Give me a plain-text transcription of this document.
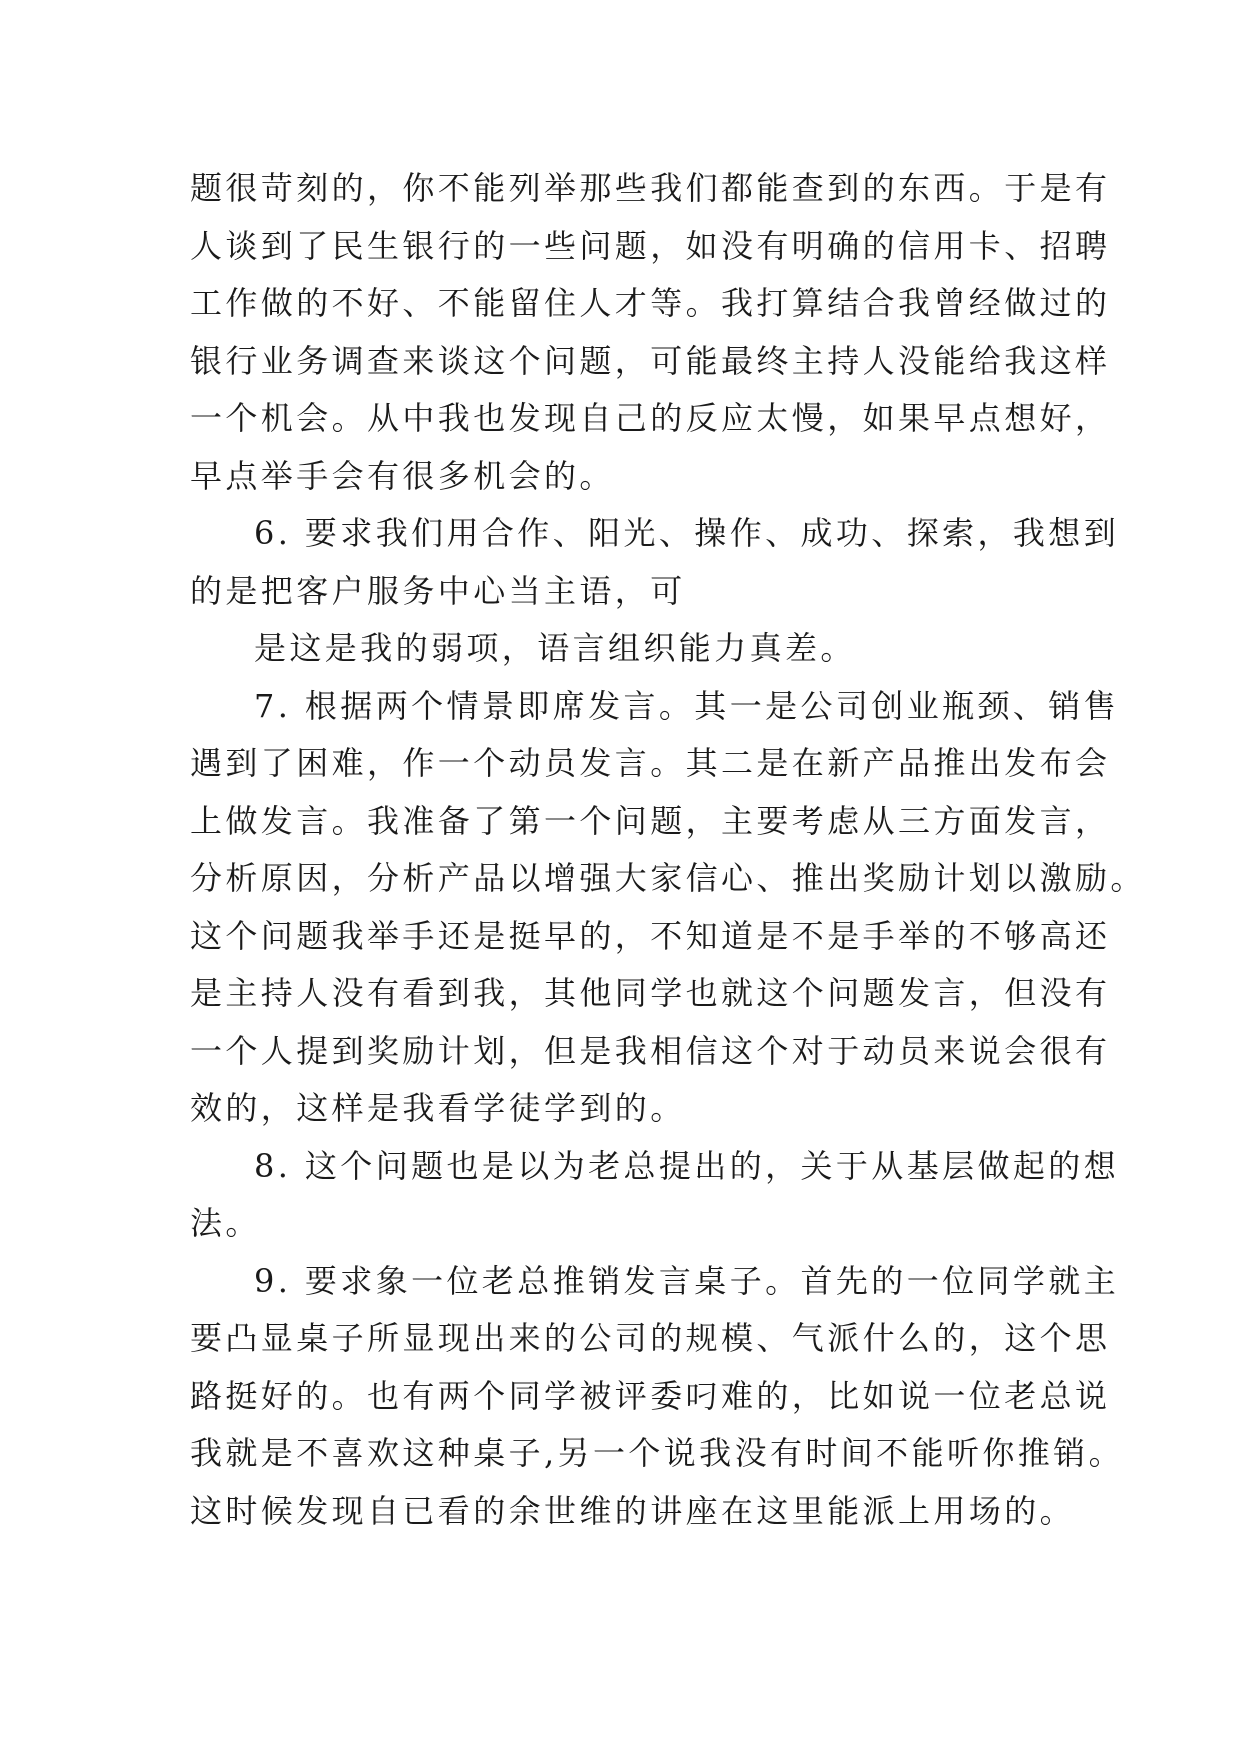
题很苛刻的，你不能列举那些我们都能查到的东西。于是有
人谈到了民生银行的一些问题，如没有明确的信用卡、招聘
工作做的不好、不能留住人才等。我打算结合我曾经做过的
银行业务调查来谈这个问题，可能最终主持人没能给我这样
一个机会。从中我也发现自己的反应太慢，如果早点想好，
早点举手会有很多机会的。
6. 要求我们用合作、阳光、操作、成功、探索，我想到
的是把客户服务中心当主语，可
是这是我的弱项，语言组织能力真差。
7. 根据两个情景即席发言。其一是公司创业瓶颈、销售
遇到了困难，作一个动员发言。其二是在新产品推出发布会
上做发言。我准备了第一个问题，主要考虑从三方面发言，
分析原因，分析产品以增强大家信心、推出奖励计划以激励。
这个问题我举手还是挺早的，不知道是不是手举的不够高还
是主持人没有看到我，其他同学也就这个问题发言，但没有
一个人提到奖励计划，但是我相信这个对于动员来说会很有
效的，这样是我看学徒学到的。
8. 这个问题也是以为老总提出的，关于从基层做起的想
法。
9. 要求象一位老总推销发言桌子。首先的一位同学就主
要凸显桌子所显现出来的公司的规模、气派什么的，这个思
路挺好的。也有两个同学被评委叼难的，比如说一位老总说
我就是不喜欢这种桌子,另一个说我没有时间不能听你推销。
这时候发现自已看的余世维的讲座在这里能派上用场的。
